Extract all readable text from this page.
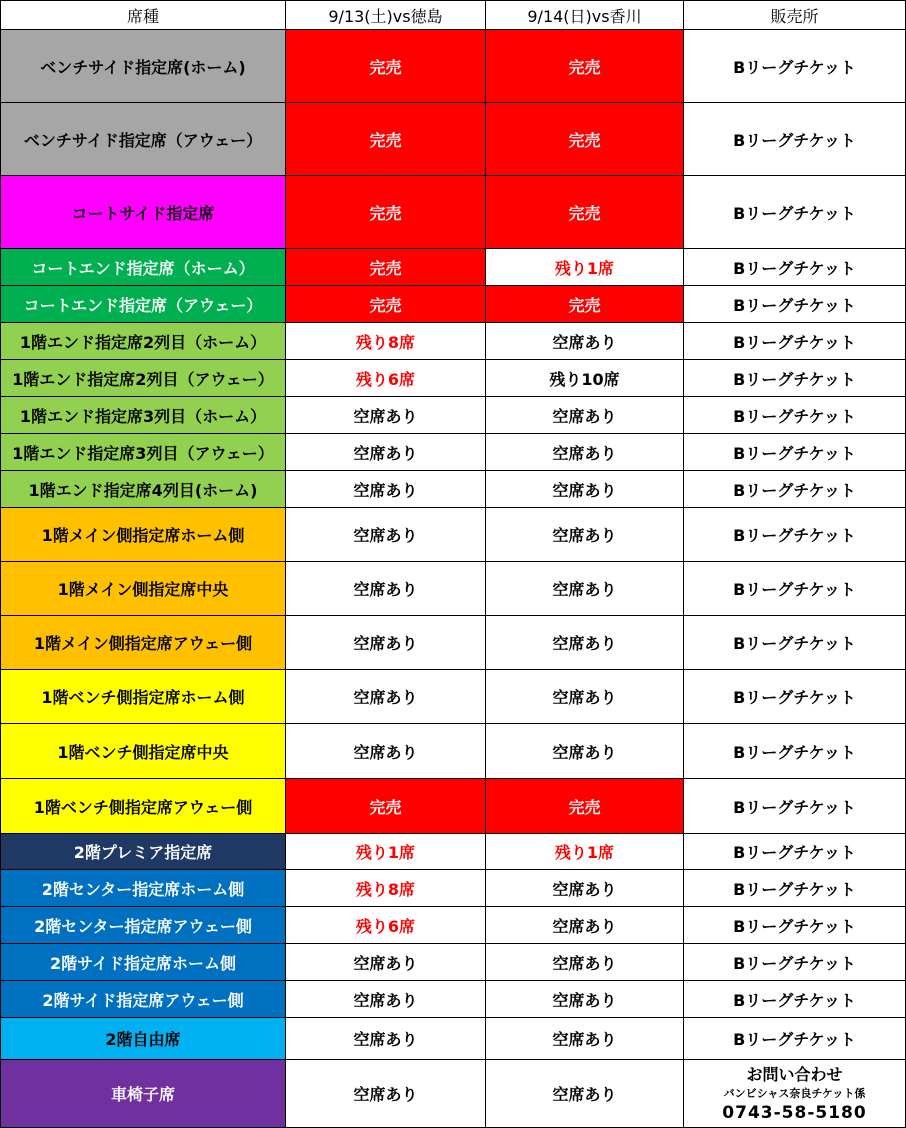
席種	9/13(土)vs徳島	9/14(日)vs香川	販売所
ベンチサイド指定席(ホーム)	完売	完売	Bリーグチケット
ベンチサイド指定席（アウェー）	完売	完売	Bリーグチケット
コートサイド指定席	完売	完売	Bリーグチケット
コートエンド指定席（ホーム）	完売	残り1席	Bリーグチケット
コートエンド指定席（アウェー）	完売	完売	Bリーグチケット
1階エンド指定席2列目（ホーム）	残り8席	空席あり	Bリーグチケット
1階エンド指定席2列目（アウェー）	残り6席	残り10席	Bリーグチケット
1階エンド指定席3列目（ホーム）	空席あり	空席あり	Bリーグチケット
1階エンド指定席3列目（アウェー）	空席あり	空席あり	Bリーグチケット
1階エンド指定席4列目(ホーム)	空席あり	空席あり	Bリーグチケット
1階メイン側指定席ホーム側	空席あり	空席あり	Bリーグチケット
1階メイン側指定席中央	空席あり	空席あり	Bリーグチケット
1階メイン側指定席アウェー側	空席あり	空席あり	Bリーグチケット
1階ベンチ側指定席ホーム側	空席あり	空席あり	Bリーグチケット
1階ベンチ側指定席中央	空席あり	空席あり	Bリーグチケット
1階ベンチ側指定席アウェー側	完売	完売	Bリーグチケット
2階プレミア指定席	残り1席	残り1席	Bリーグチケット
2階センター指定席ホーム側	残り8席	空席あり	Bリーグチケット
2階センター指定席アウェー側	残り6席	空席あり	Bリーグチケット
2階サイド指定席ホーム側	空席あり	空席あり	Bリーグチケット
2階サイド指定席アウェー側	空席あり	空席あり	Bリーグチケット
2階自由席	空席あり	空席あり	Bリーグチケット
車椅子席	空席あり	空席あり	お問い合わせ
バンビシャス奈良チケット係
0743-58-5180
